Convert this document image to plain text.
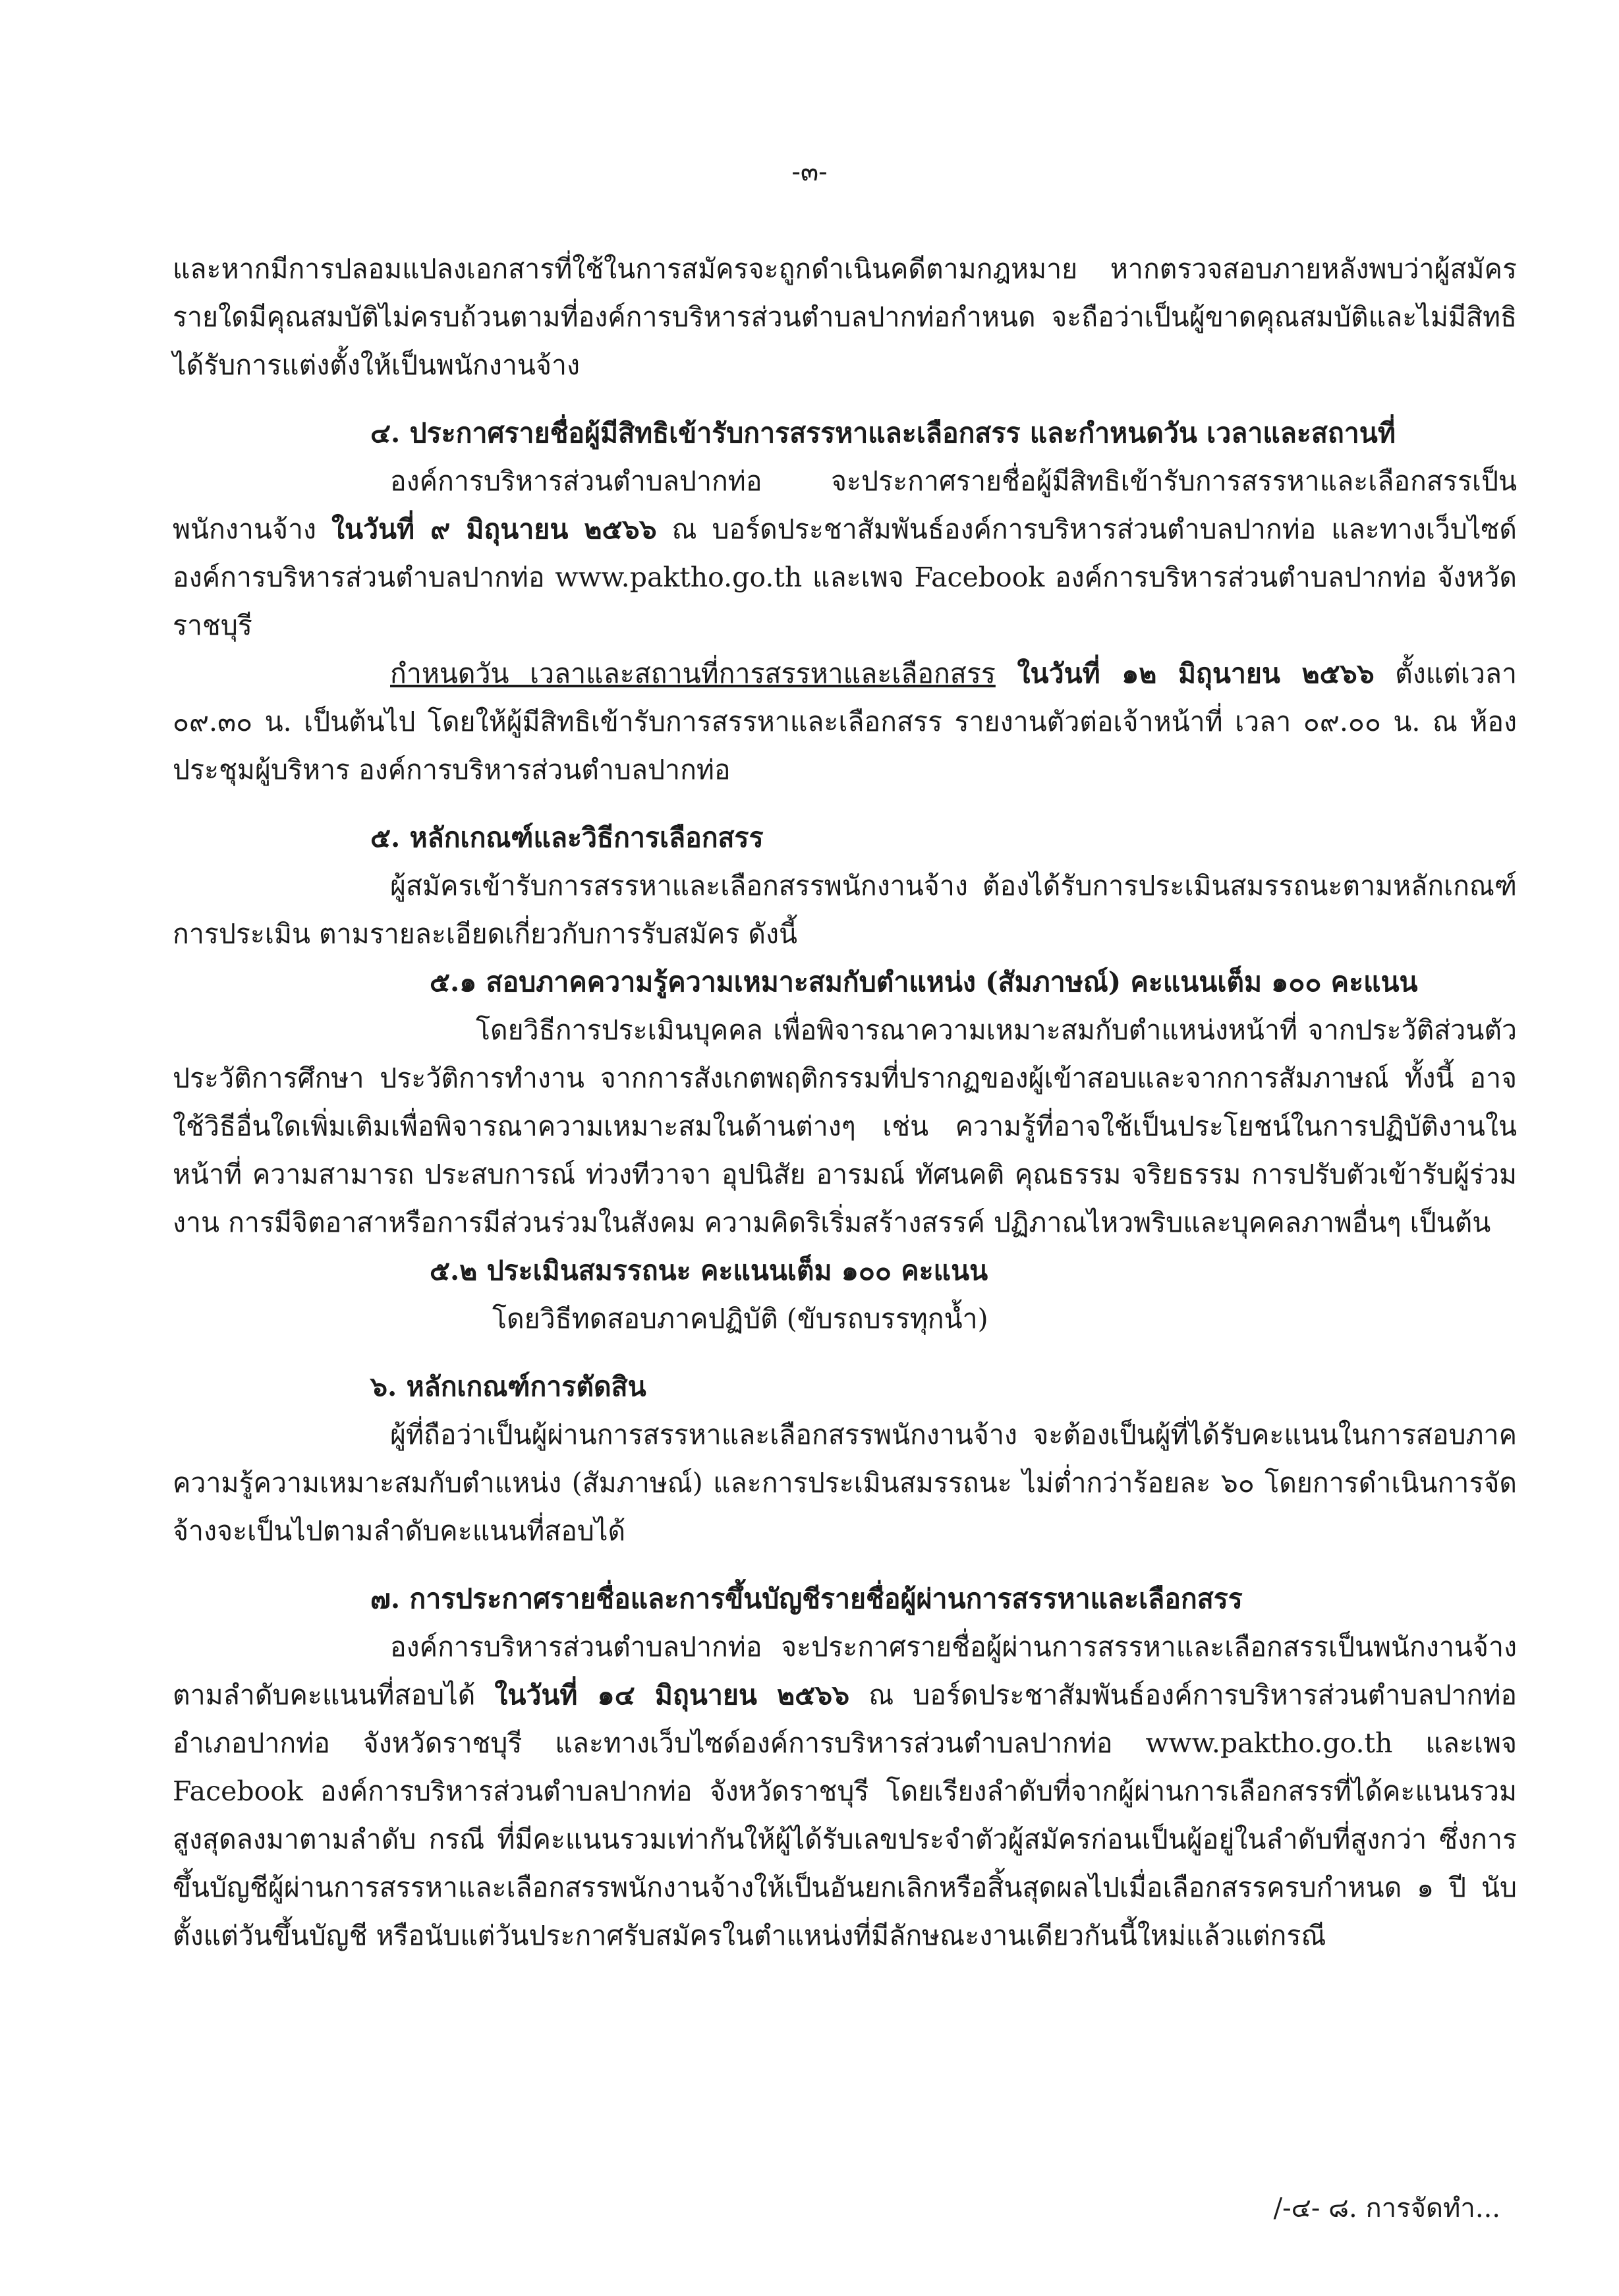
-๓-

และหากมีการปลอมแปลงเอกสารที่ใช้ในการสมัครจะถูกดำเนินคดีตามกฎหมาย หากตรวจสอบภายหลังพบว่าผู้สมัครรายใดมีคุณสมบัติไม่ครบถ้วนตามที่องค์การบริหารส่วนตำบลปากท่อกำหนด จะถือว่าเป็นผู้ขาดคุณสมบัติและไม่มีสิทธิได้รับการแต่งตั้งให้เป็นพนักงานจ้าง

๔. ประกาศรายชื่อผู้มีสิทธิเข้ารับการสรรหาและเลือกสรร และกำหนดวัน เวลาและสถานที่

องค์การบริหารส่วนตำบลปากท่อ จะประกาศรายชื่อผู้มีสิทธิเข้ารับการสรรหาและเลือกสรรเป็นพนักงานจ้าง ในวันที่ ๙ มิถุนายน ๒๕๖๖ ณ บอร์ดประชาสัมพันธ์องค์การบริหารส่วนตำบลปากท่อ และทางเว็บไซด์องค์การบริหารส่วนตำบลปากท่อ www.paktho.go.th และเพจ Facebook องค์การบริหารส่วนตำบลปากท่อ จังหวัดราชบุรี

กำหนดวัน เวลาและสถานที่การสรรหาและเลือกสรร ในวันที่ ๑๒ มิถุนายน ๒๕๖๖ ตั้งแต่เวลา ๐๙.๓๐ น. เป็นต้นไป โดยให้ผู้มีสิทธิเข้ารับการสรรหาและเลือกสรร รายงานตัวต่อเจ้าหน้าที่ เวลา ๐๙.๐๐ น. ณ ห้องประชุมผู้บริหาร องค์การบริหารส่วนตำบลปากท่อ

๕. หลักเกณฑ์และวิธีการเลือกสรร

ผู้สมัครเข้ารับการสรรหาและเลือกสรรพนักงานจ้าง ต้องได้รับการประเมินสมรรถนะตามหลักเกณฑ์การประเมิน ตามรายละเอียดเกี่ยวกับการรับสมัคร ดังนี้

๕.๑ สอบภาคความรู้ความเหมาะสมกับตำแหน่ง (สัมภาษณ์) คะแนนเต็ม ๑๐๐ คะแนน

โดยวิธีการประเมินบุคคล เพื่อพิจารณาความเหมาะสมกับตำแหน่งหน้าที่ จากประวัติส่วนตัว ประวัติการศึกษา ประวัติการทำงาน จากการสังเกตพฤติกรรมที่ปรากฏของผู้เข้าสอบและจากการสัมภาษณ์ ทั้งนี้ อาจใช้วิธีอื่นใดเพิ่มเติมเพื่อพิจารณาความเหมาะสมในด้านต่างๆ เช่น ความรู้ที่อาจใช้เป็นประโยชน์ในการปฏิบัติงานในหน้าที่ ความสามารถ ประสบการณ์ ท่วงทีวาจา อุปนิสัย อารมณ์ ทัศนคติ คุณธรรม จริยธรรม การปรับตัวเข้ารับผู้ร่วมงาน การมีจิตอาสาหรือการมีส่วนร่วมในสังคม ความคิดริเริ่มสร้างสรรค์ ปฏิภาณไหวพริบและบุคคลภาพอื่นๆ เป็นต้น

๕.๒ ประเมินสมรรถนะ คะแนนเต็ม ๑๐๐ คะแนน

โดยวิธีทดสอบภาคปฏิบัติ (ขับรถบรรทุกน้ำ)

๖. หลักเกณฑ์การตัดสิน

ผู้ที่ถือว่าเป็นผู้ผ่านการสรรหาและเลือกสรรพนักงานจ้าง จะต้องเป็นผู้ที่ได้รับคะแนนในการสอบภาคความรู้ความเหมาะสมกับตำแหน่ง (สัมภาษณ์) และการประเมินสมรรถนะ ไม่ต่ำกว่าร้อยละ ๖๐ โดยการดำเนินการจัดจ้างจะเป็นไปตามลำดับคะแนนที่สอบได้

๗. การประกาศรายชื่อและการขึ้นบัญชีรายชื่อผู้ผ่านการสรรหาและเลือกสรร

องค์การบริหารส่วนตำบลปากท่อ จะประกาศรายชื่อผู้ผ่านการสรรหาและเลือกสรรเป็นพนักงานจ้างตามลำดับคะแนนที่สอบได้ ในวันที่ ๑๔ มิถุนายน ๒๕๖๖ ณ บอร์ดประชาสัมพันธ์องค์การบริหารส่วนตำบลปากท่อ อำเภอปากท่อ จังหวัดราชบุรี และทางเว็บไซด์องค์การบริหารส่วนตำบลปากท่อ www.paktho.go.th และเพจ Facebook องค์การบริหารส่วนตำบลปากท่อ จังหวัดราชบุรี โดยเรียงลำดับที่จากผู้ผ่านการเลือกสรรที่ได้คะแนนรวมสูงสุดลงมาตามลำดับ กรณี ที่มีคะแนนรวมเท่ากันให้ผู้ได้รับเลขประจำตัวผู้สมัครก่อนเป็นผู้อยู่ในลำดับที่สูงกว่า ซึ่งการขึ้นบัญชีผู้ผ่านการสรรหาและเลือกสรรพนักงานจ้างให้เป็นอันยกเลิกหรือสิ้นสุดผลไปเมื่อเลือกสรรครบกำหนด ๑ ปี นับตั้งแต่วันขึ้นบัญชี หรือนับแต่วันประกาศรับสมัครในตำแหน่งที่มีลักษณะงานเดียวกันนี้ใหม่แล้วแต่กรณี

/-๔- ๘. การจัดทำ...
